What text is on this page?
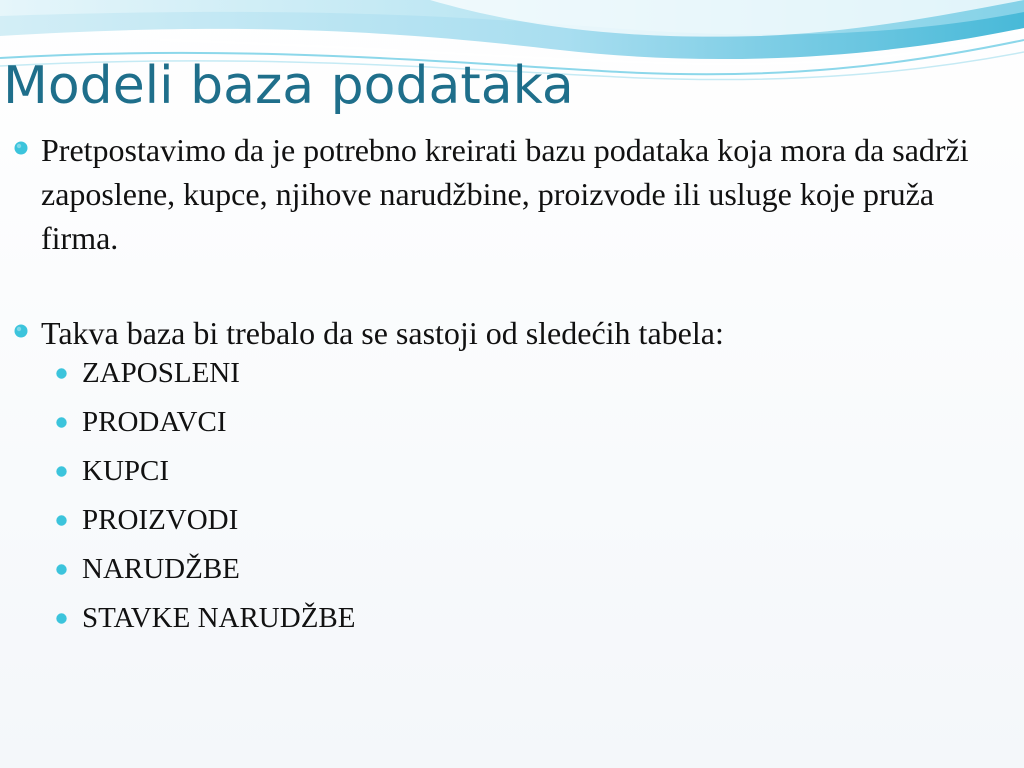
Modeli baza podataka
Pretpostavimo da je potrebno kreirati bazu podataka koja mora da sadrži zaposlene, kupce, njihove narudžbine, proizvode ili usluge koje pruža firma.
Takva baza bi trebalo da se sastoji od sledećih tabela:
ZAPOSLENI
PRODAVCI
KUPCI
PROIZVODI
NARUDŽBE
STAVKE NARUDŽBE
